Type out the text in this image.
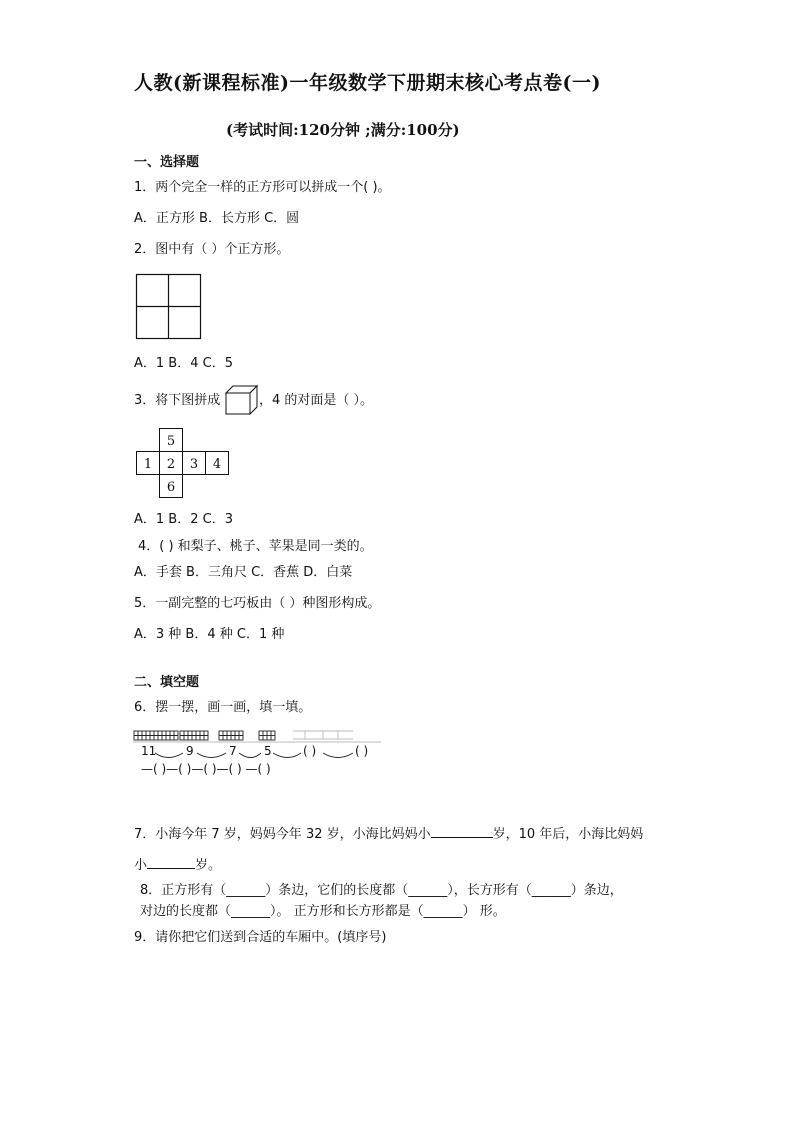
人教(新课程标准)一年级数学下册期末核心考点卷(一)
(考试时间:120分钟 ;满分:100分)
一、选择题
1．两个完全一样的正方形可以拼成一个( )。
A．正方形 B．长方形 C．圆
2．图中有（ ）个正方形。
A．1 B．4 C．5
3．将下图拼成	，4 的对面是（ ）。
5
1 2 3 4
6
A．1 B．2 C．3
4．( ) 和梨子、桃子、苹果是同一类的。
A．手套 B．三角尺 C．香蕉 D．白菜
5．一副完整的七巧板由（ ）种图形构成。
A．3 种 B．4 种 C．1 种
二、填空题
6．摆一摆，画一画，填一填。
11 9	7 5	( )	( )
—( )—( )—( )—( ) —( )
7．小海今年 7 岁，妈妈今年 32 岁，小海比妈妈小	岁，10 年后，小海比妈妈
小	岁。
8．正方形有（______）条边，它们的长度都（______），长方形有（______）条边，
对边的长度都（______）。 正方形和长方形都是（______） 形。
9．请你把它们送到合适的车厢中。(填序号)
